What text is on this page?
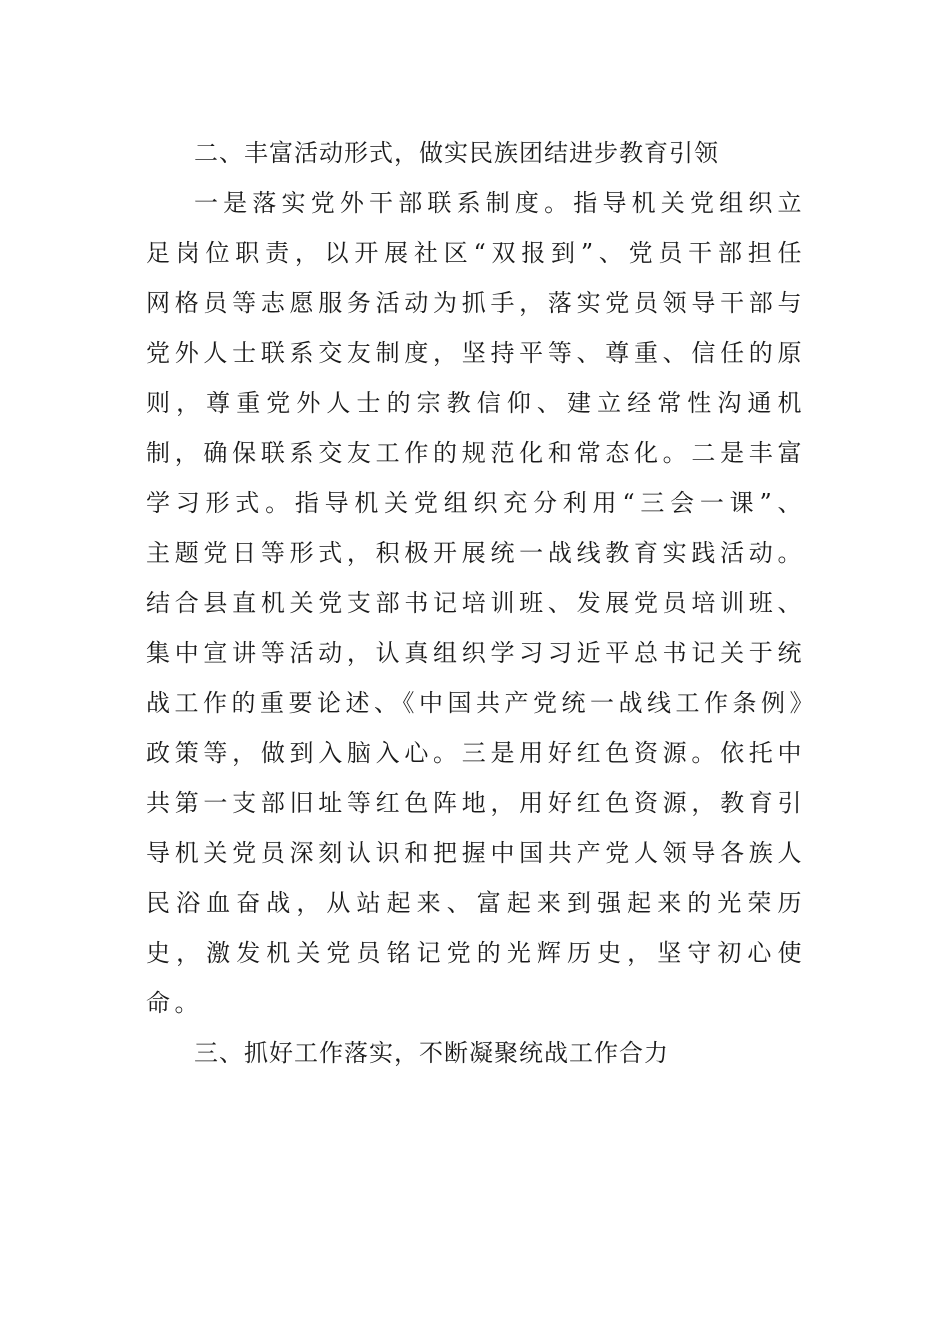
二、丰富活动形式，做实民族团结进步教育引领

一是落实党外干部联系制度。指导机关党组织立足岗位职责，以开展社区“双报到”、党员干部担任网格员等志愿服务活动为抓手，落实党员领导干部与党外人士联系交友制度，坚持平等、尊重、信任的原则，尊重党外人士的宗教信仰、建立经常性沟通机制，确保联系交友工作的规范化和常态化。二是丰富学习形式。指导机关党组织充分利用“三会一课”、主题党日等形式，积极开展统一战线教育实践活动。结合县直机关党支部书记培训班、发展党员培训班、集中宣讲等活动，认真组织学习习近平总书记关于统战工作的重要论述、《中国共产党统一战线工作条例》政策等，做到入脑入心。三是用好红色资源。依托中共第一支部旧址等红色阵地，用好红色资源，教育引导机关党员深刻认识和把握中国共产党人领导各族人民浴血奋战，从站起来、富起来到强起来的光荣历史，激发机关党员铭记党的光辉历史，坚守初心使命。

三、抓好工作落实，不断凝聚统战工作合力
